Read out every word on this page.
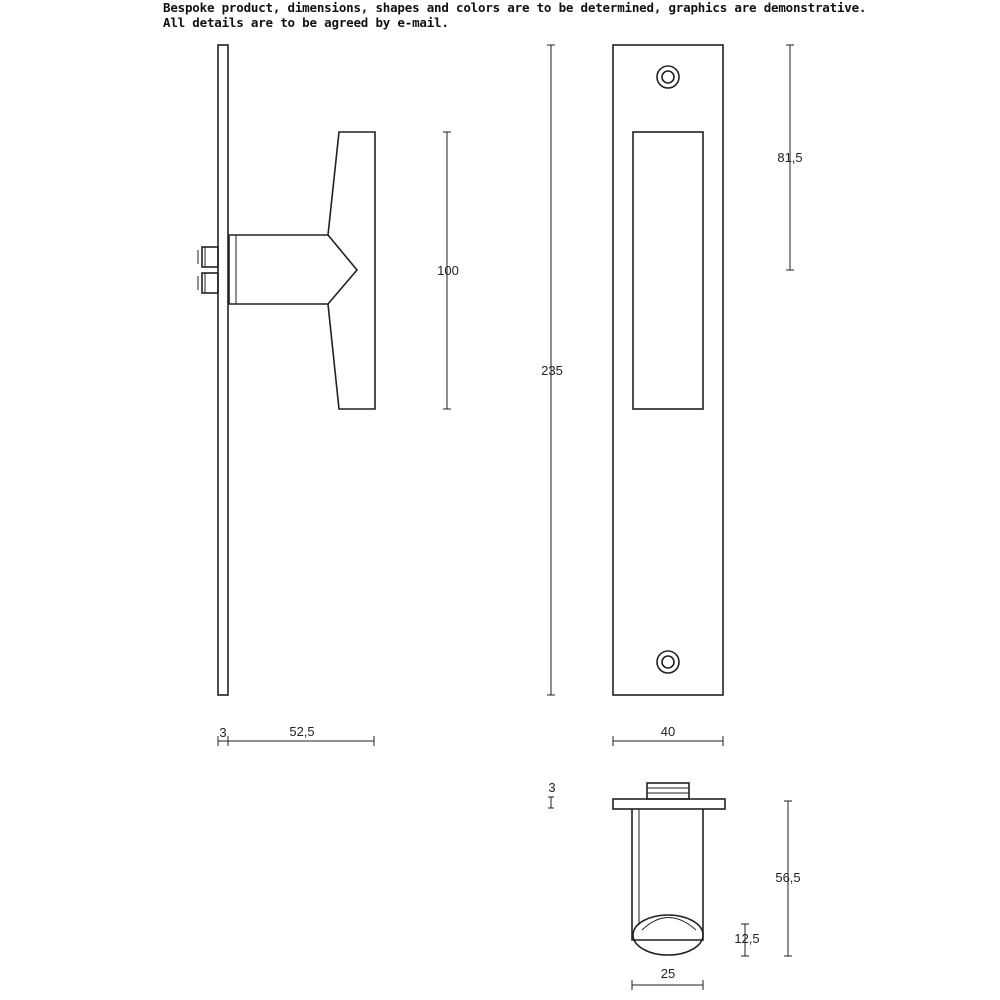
Bespoke product, dimensions, shapes and colors are to be determined, graphics are demonstrative.
All details are to be agreed by e-mail.
100
3	52,5
235
81,5
40
3
56,5
12,5
25
